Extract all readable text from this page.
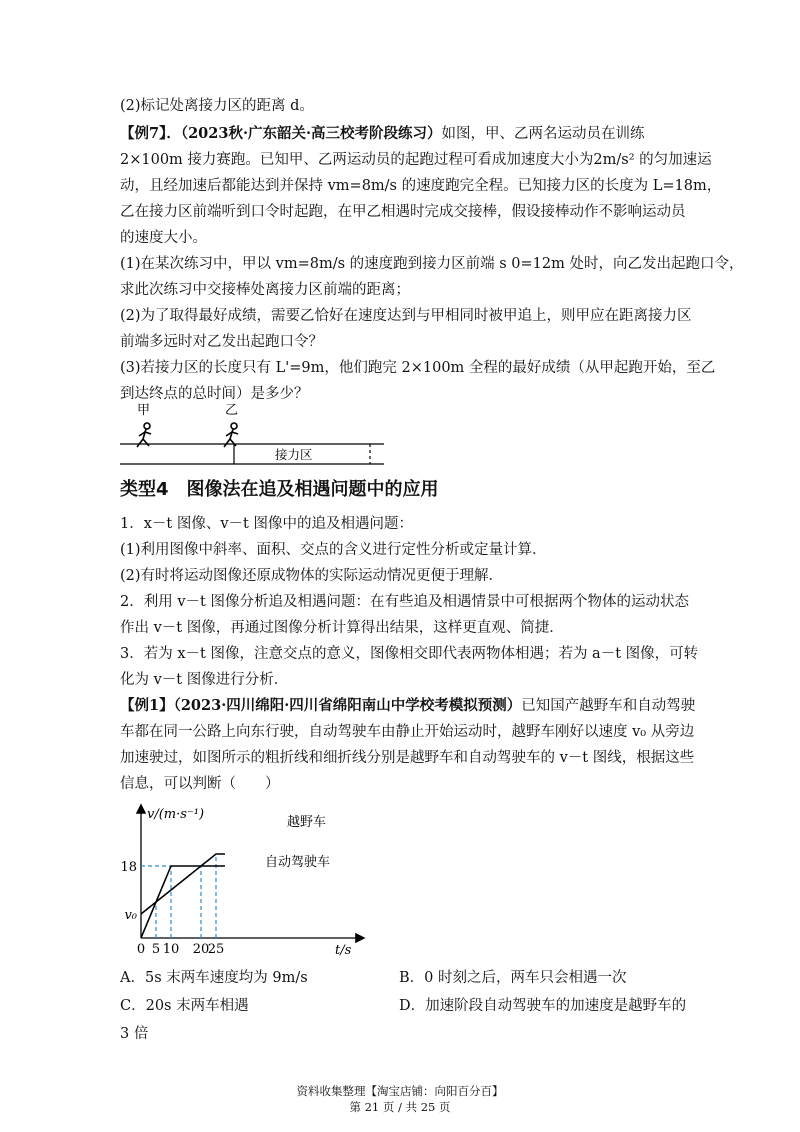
(2)标记处离接力区的距离 d。
【例7】．（2023秋·广东韶关·高三校考阶段练习）如图，甲、乙两名运动员在训练
2×100m 接力赛跑。已知甲、乙两运动员的起跑过程可看成加速度大小为2m/s² 的匀加速运
动，且经加速后都能达到并保持 vm=8m/s 的速度跑完全程。已知接力区的长度为 L=18m，
乙在接力区前端听到口令时起跑，在甲乙相遇时完成交接棒，假设接棒动作不影响运动员
的速度大小。
(1)在某次练习中，甲以 vm=8m/s 的速度跑到接力区前端 s 0=12m 处时，向乙发出起跑口令，
求此次练习中交接棒处离接力区前端的距离；
(2)为了取得最好成绩，需要乙恰好在速度达到与甲相同时被甲追上，则甲应在距离接力区
前端多远时对乙发出起跑口令？
(3)若接力区的长度只有 L'=9m，他们跑完 2×100m 全程的最好成绩（从甲起跑开始，至乙
到达终点的总时间）是多少？
甲	乙
接力区
类型4　图像法在追及相遇问题中的应用
1．x－t 图像、v－t 图像中的追及相遇问题：
(1)利用图像中斜率、面积、交点的含义进行定性分析或定量计算．
(2)有时将运动图像还原成物体的实际运动情况更便于理解．
2．利用 v－t 图像分析追及相遇问题：在有些追及相遇情景中可根据两个物体的运动状态
作出 v－t 图像，再通过图像分析计算得出结果，这样更直观、简捷．
3．若为 x－t 图像，注意交点的意义，图像相交即代表两物体相遇；若为 a－t 图像，可转
化为 v－t 图像进行分析．
【例1】（2023·四川绵阳·四川省绵阳南山中学校考模拟预测）已知国产越野车和自动驾驶
车都在同一公路上向东行驶，自动驾驶车由静止开始运动时，越野车刚好以速度 v₀ 从旁边
加速驶过，如图所示的粗折线和细折线分别是越野车和自动驾驶车的 v－t 图线，根据这些
信息，可以判断（　　）
0 5 10 20
25
v₀
18
v/(m·s⁻¹)
t/s
越野车
自动驾驶车
A．5s 末两车速度均为 9m/s	B．0 时刻之后，两车只会相遇一次
C．20s 末两车相遇	D．加速阶段自动驾驶车的加速度是越野车的
3 倍
资料收集整理【淘宝店铺：向阳百分百】
第 21 页 / 共 25 页
